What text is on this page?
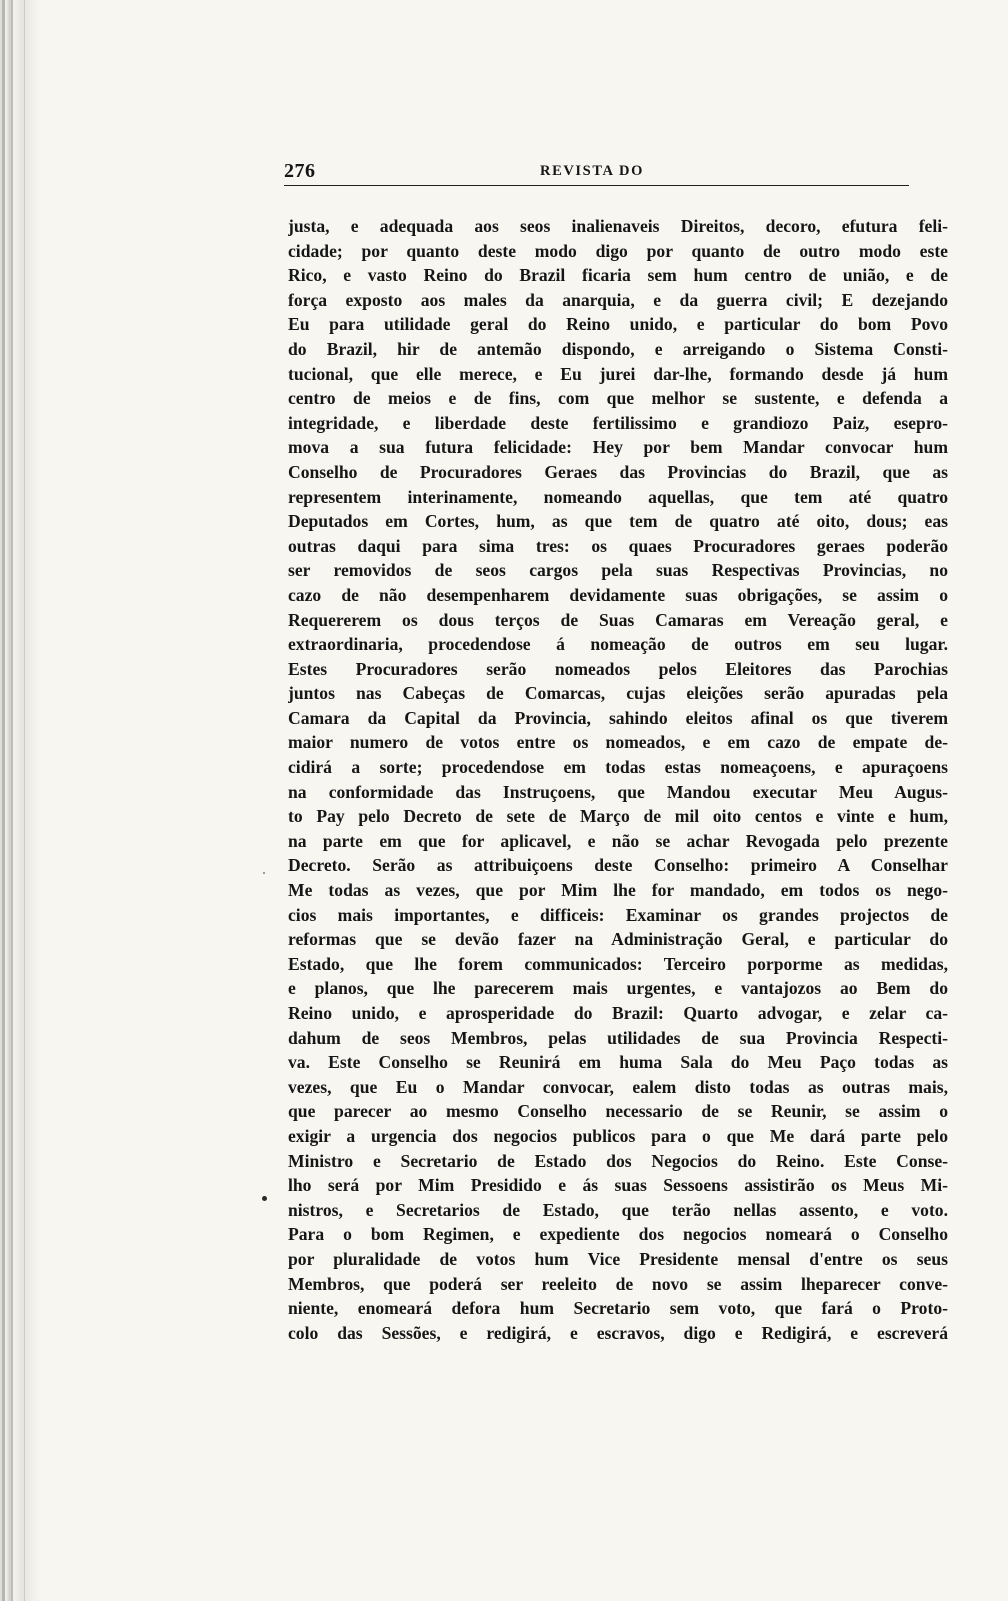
276	REVISTA DO
justa, e adequada aos seos inalienaveis Direitos, decoro, efutura feli-
cidade; por quanto deste modo digo por quanto de outro modo este
Rico, e vasto Reino do Brazil ficaria sem hum centro de união, e de
força exposto aos males da anarquia, e da guerra civil; E dezejando
Eu para utilidade geral do Reino unido, e particular do bom Povo
do Brazil, hir de antemão dispondo, e arreigando o Sistema Consti-
tucional, que elle merece, e Eu jurei dar-lhe, formando desde já hum
centro de meios e de fins, com que melhor se sustente, e defenda a
integridade, e liberdade deste fertilissimo e grandiozo Paiz, esepro-
mova a sua futura felicidade: Hey por bem Mandar convocar hum
Conselho de Procuradores Geraes das Provincias do Brazil, que as
representem interinamente, nomeando aquellas, que tem até quatro
Deputados em Cortes, hum, as que tem de quatro até oito, dous; eas
outras daqui para sima tres: os quaes Procuradores geraes poderão
ser removidos de seos cargos pela suas Respectivas Provincias, no
cazo de não desempenharem devidamente suas obrigações, se assim o
Requererem os dous terços de Suas Camaras em Vereação geral, e
extraordinaria, procedendose á nomeação de outros em seu lugar.
Estes Procuradores serão nomeados pelos Eleitores das Parochias
juntos nas Cabeças de Comarcas, cujas eleições serão apuradas pela
Camara da Capital da Provincia, sahindo eleitos afinal os que tiverem
maior numero de votos entre os nomeados, e em cazo de empate de-
cidirá a sorte; procedendose em todas estas nomeaçoens, e apuraçoens
na conformidade das Instruçoens, que Mandou executar Meu Augus-
to Pay pelo Decreto de sete de Março de mil oito centos e vinte e hum,
na parte em que for aplicavel, e não se achar Revogada pelo prezente
Decreto. Serão as attribuiçoens deste Conselho: primeiro A Conselhar
Me todas as vezes, que por Mim lhe for mandado, em todos os nego-
cios mais importantes, e difficeis: Examinar os grandes projectos de
reformas que se devão fazer na Administração Geral, e particular do
Estado, que lhe forem communicados: Terceiro porporme as medidas,
e planos, que lhe parecerem mais urgentes, e vantajozos ao Bem do
Reino unido, e aprosperidade do Brazil: Quarto advogar, e zelar ca-
dahum de seos Membros, pelas utilidades de sua Provincia Respecti-
va. Este Conselho se Reunirá em huma Sala do Meu Paço todas as
vezes, que Eu o Mandar convocar, ealem disto todas as outras mais,
que parecer ao mesmo Conselho necessario de se Reunir, se assim o
exigir a urgencia dos negocios publicos para o que Me dará parte pelo
Ministro e Secretario de Estado dos Negocios do Reino. Este Conse-
lho será por Mim Presidido e ás suas Sessoens assistirão os Meus Mi-
nistros, e Secretarios de Estado, que terão nellas assento, e voto.
Para o bom Regimen, e expediente dos negocios nomeará o Conselho
por pluralidade de votos hum Vice Presidente mensal d'entre os seus
Membros, que poderá ser reeleito de novo se assim lheparecer conve-
niente, enomeará defora hum Secretario sem voto, que fará o Proto-
colo das Sessões, e redigirá, e escravos, digo e Redigirá, e escreverá
